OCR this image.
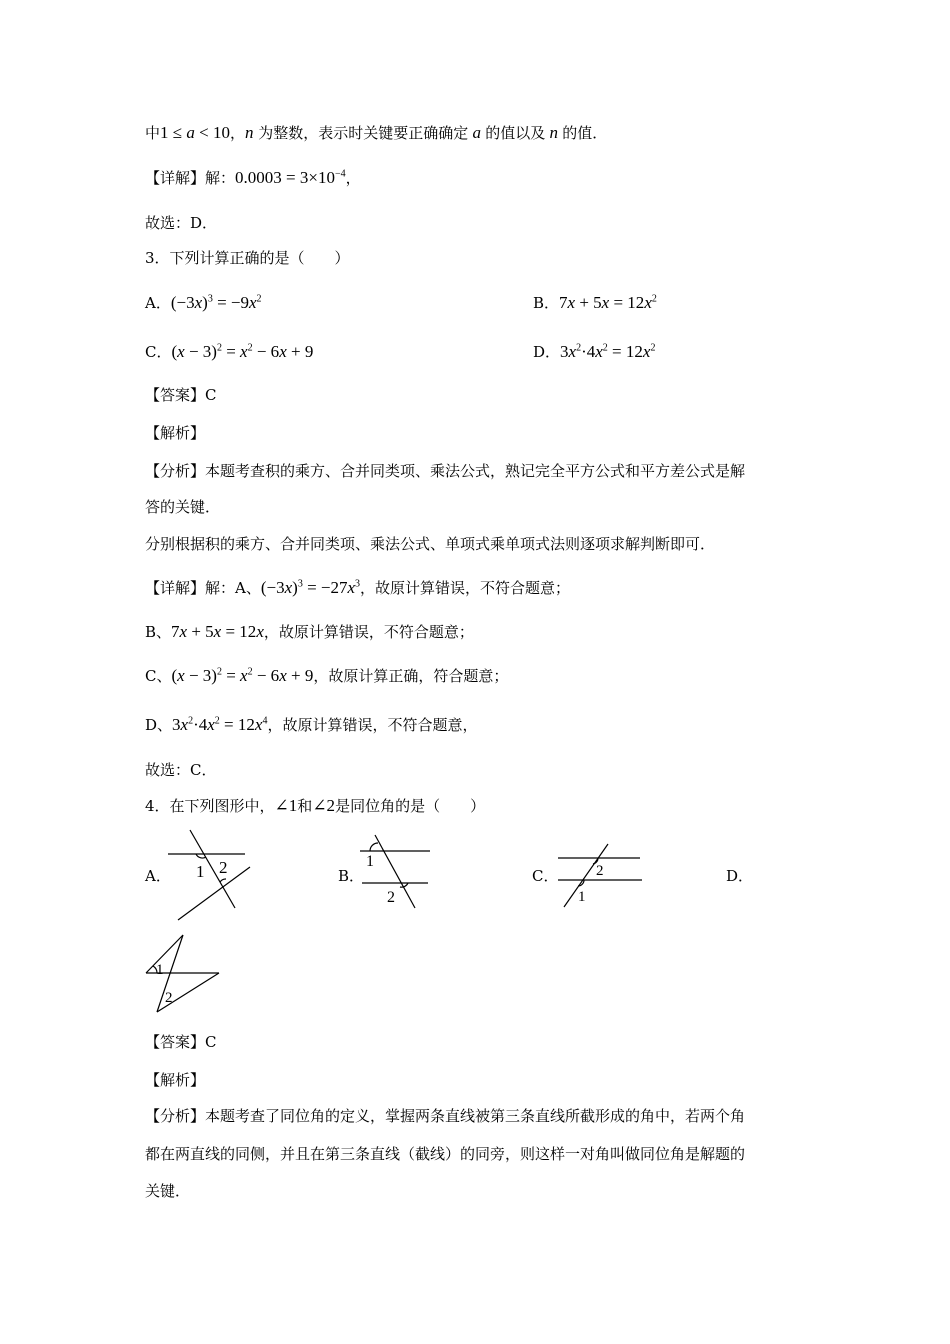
中1 ≤ a < 10，n 为整数，表示时关键要正确确定 a 的值以及 n 的值．
【详解】解：$0.0003 = 3\times 10^{-4}$，
故选：D．
3．下列计算正确的是（　　）
A．$(-3x)^3 = -9x^2$	B．$7x + 5x = 12x^2$
C．$(x - 3)^2 = x^2 - 6x + 9$	D．$3x^2\cdot 4x^2 = 12x^2$
【答案】C
【解析】
【分析】本题考查积的乘方、合并同类项、乘法公式，熟记完全平方公式和平方差公式是解
答的关键．
分别根据积的乘方、合并同类项、乘法公式、单项式乘单项式法则逐项求解判断即可．
【详解】解：A、$(-3x)^3 = -27x^3$，故原计算错误，不符合题意；
B、7x + 5x = 12x，故原计算错误，不符合题意；
C、$(x - 3)^2 = x^2 - 6x + 9$，故原计算正确，符合题意；
D、$3x^2\cdot 4x^2 = 12x^4$，故原计算错误，不符合题意，
故选：C．
4．在下列图形中，∠1和∠2是同位角的是（　　）
A．	B．	C．	D．
1 2	1
2
2
1
1
2
【答案】C
【解析】
【分析】本题考查了同位角的定义，掌握两条直线被第三条直线所截形成的角中，若两个角
都在两直线的同侧，并且在第三条直线（截线）的同旁，则这样一对角叫做同位角是解题的
关键．
